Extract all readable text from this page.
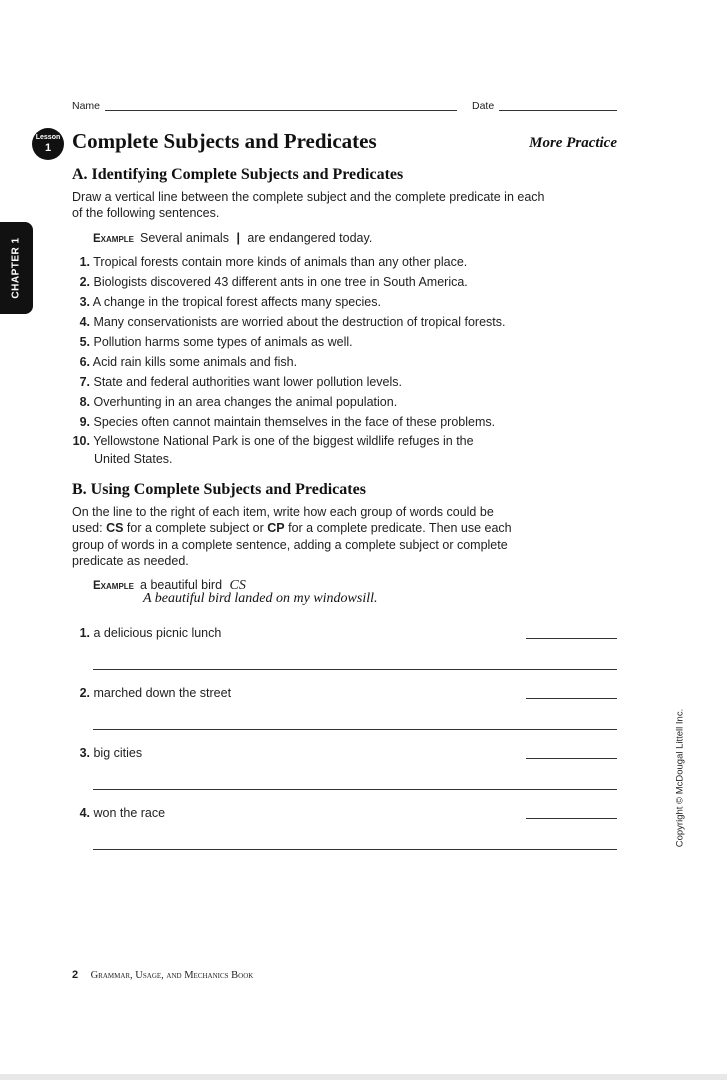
Name	Date
Lesson
1 Complete Subjects and Predicates	More Practice
CHAPTER 1
A. Identifying Complete Subjects and Predicates
Draw a vertical line between the complete subject and the complete predicate in each of the following sentences.
Example Several animals | are endangered today.
1. Tropical forests contain more kinds of animals than any other place.
2. Biologists discovered 43 different ants in one tree in South America.
3. A change in the tropical forest affects many species.
4. Many conservationists are worried about the destruction of tropical forests.
5. Pollution harms some types of animals as well.
6. Acid rain kills some animals and fish.
7. State and federal authorities want lower pollution levels.
8. Overhunting in an area changes the animal population.
9. Species often cannot maintain themselves in the face of these problems.
10. Yellowstone National Park is one of the biggest wildlife refuges in the
United States.
B. Using Complete Subjects and Predicates
On the line to the right of each item, write how each group of words could be
used: CS for a complete subject or CP for a complete predicate. Then use each
group of words in a complete sentence, adding a complete subject or complete
predicate as needed.
Example a beautiful bird CS
A beautiful bird landed on my windowsill.
1. a delicious picnic lunch
2. marched down the street
3. big cities
4. won the race	Copyright © McDougal Littell Inc.
2 Grammar, Usage, and Mechanics Book
